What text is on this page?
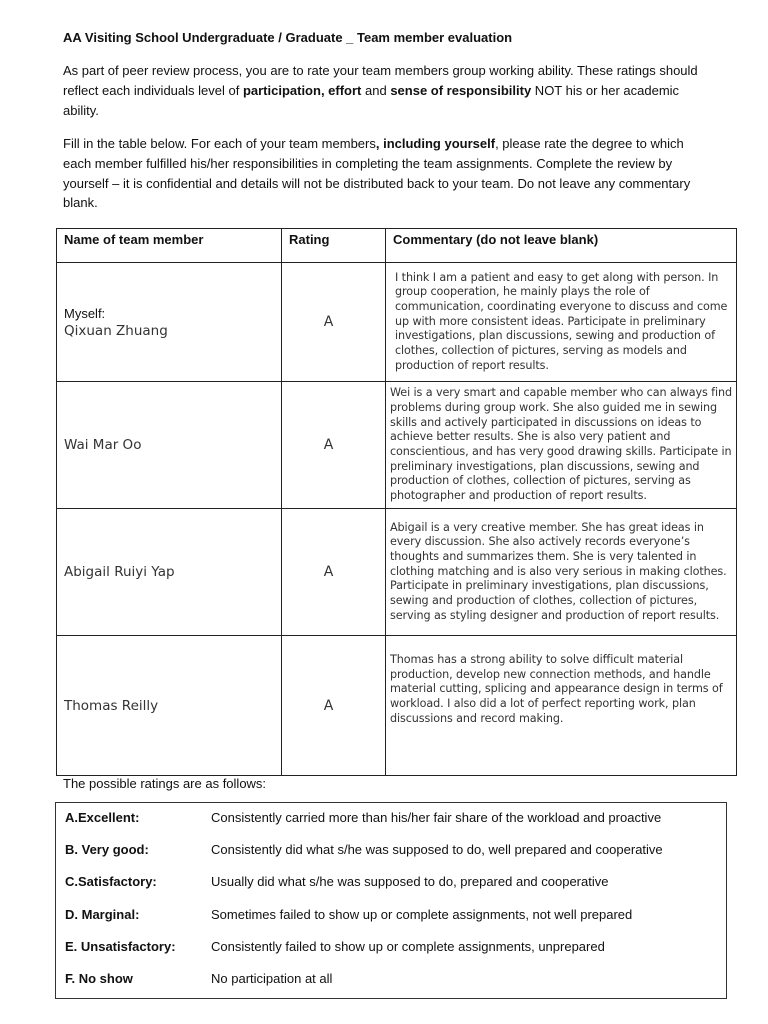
AA Visiting School Undergraduate / Graduate _ Team member evaluation
As part of peer review process, you are to rate your team members group working ability. These ratings should reflect each individuals level of participation, effort and sense of responsibility NOT his or her academic ability.
Fill in the table below. For each of your team members, including yourself, please rate the degree to which each member fulfilled his/her responsibilities in completing the team assignments. Complete the review by yourself – it is confidential and details will not be distributed back to your team. Do not leave any commentary blank.
Name of team member	Rating	Commentary (do not leave blank)

Myself:
Qixuan Zhuang	A	I think I am a patient and easy to get along with person. In group cooperation, he mainly plays the role of communication, coordinating everyone to discuss and come up with more consistent ideas. Participate in preliminary investigations, plan discussions, sewing and production of clothes, collection of pictures, serving as models and production of report results.
Wai Mar Oo	A	Wei is a very smart and capable member who can always find problems during group work. She also guided me in sewing skills and actively participated in discussions on ideas to achieve better results. She is also very patient and conscientious, and has very good drawing skills. Participate in preliminary investigations, plan discussions, sewing and production of clothes, collection of pictures, serving as photographer and production of report results.
Abigail Ruiyi Yap	A	Abigail is a very creative member. She has great ideas in every discussion. She also actively records everyone’s thoughts and summarizes them. She is very talented in clothing matching and is also very serious in making clothes. Participate in preliminary investigations, plan discussions, sewing and production of clothes, collection of pictures, serving as styling designer and production of report results.
Thomas Reilly	A	Thomas has a strong ability to solve difficult material production, develop new connection methods, and handle material cutting, splicing and appearance design in terms of workload. I also did a lot of perfect reporting work, plan discussions and record making.
The possible ratings are as follows:
A.Excellent:	Consistently carried more than his/her fair share of the workload and proactive
B. Very good:	Consistently did what s/he was supposed to do, well prepared and cooperative
C.Satisfactory:	Usually did what s/he was supposed to do, prepared and cooperative
D. Marginal:	Sometimes failed to show up or complete assignments, not well prepared
E. Unsatisfactory:	Consistently failed to show up or complete assignments, unprepared
F. No show	No participation at all
